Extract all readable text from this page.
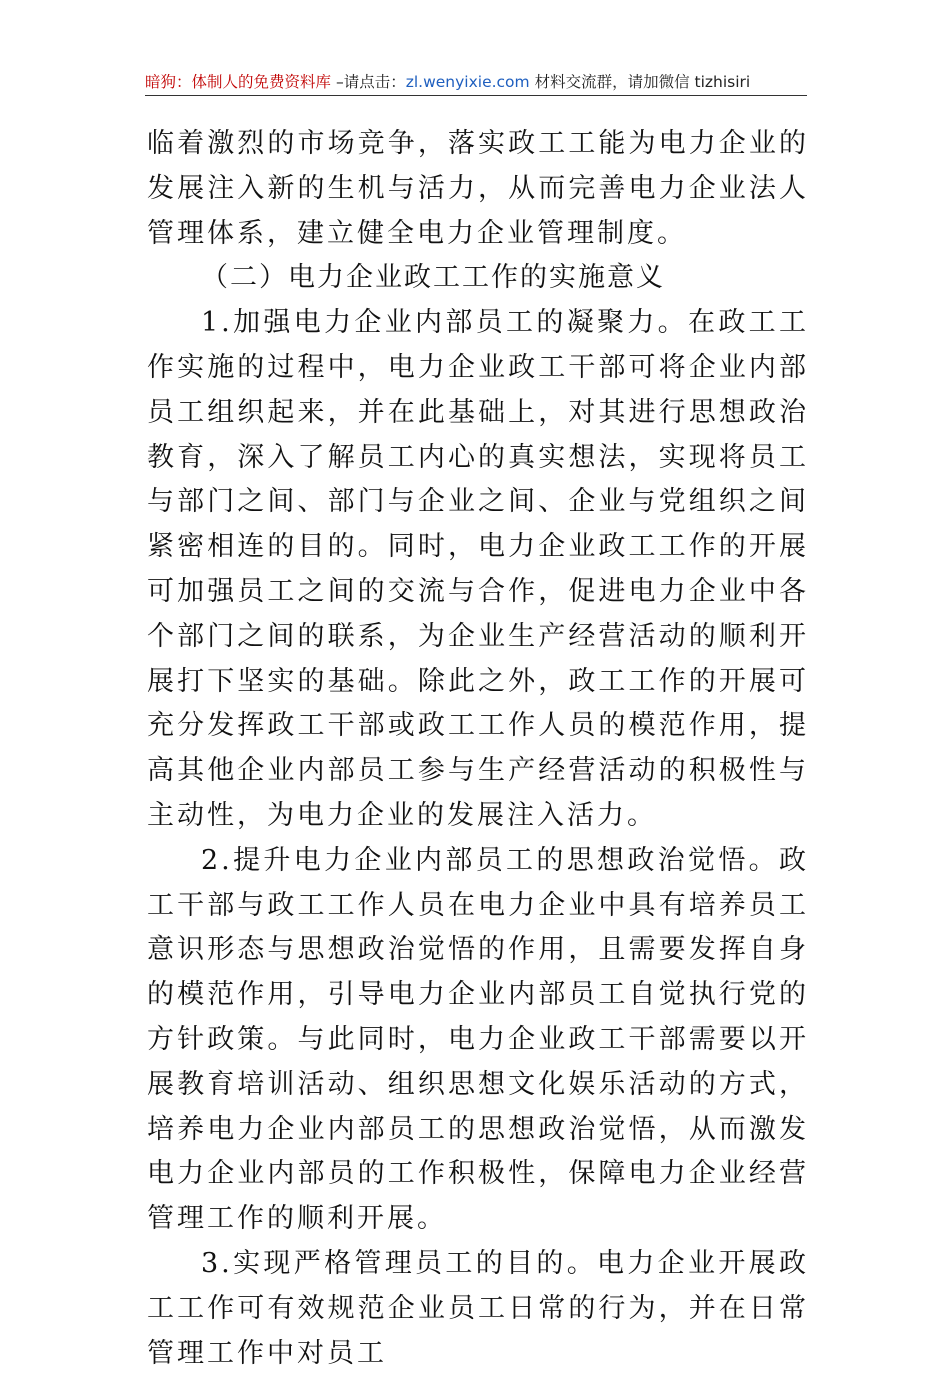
暗狗：体制人的免费资料库 –请点击：zl.wenyixie.com 材料交流群，请加微信 tizhisiri

临着激烈的市场竞争，落实政工工能为电力企业的发展注入新的生机与活力，从而完善电力企业法人管理体系，建立健全电力企业管理制度。

（二）电力企业政工工作的实施意义

1.加强电力企业内部员工的凝聚力。在政工工作实施的过程中，电力企业政工干部可将企业内部员工组织起来，并在此基础上，对其进行思想政治教育，深入了解员工内心的真实想法，实现将员工与部门之间、部门与企业之间、企业与党组织之间紧密相连的目的。同时，电力企业政工工作的开展可加强员工之间的交流与合作，促进电力企业中各个部门之间的联系，为企业生产经营活动的顺利开展打下坚实的基础。除此之外，政工工作的开展可充分发挥政工干部或政工工作人员的模范作用，提高其他企业内部员工参与生产经营活动的积极性与主动性，为电力企业的发展注入活力。

2.提升电力企业内部员工的思想政治觉悟。政工干部与政工工作人员在电力企业中具有培养员工意识形态与思想政治觉悟的作用，且需要发挥自身的模范作用，引导电力企业内部员工自觉执行党的方针政策。与此同时，电力企业政工干部需要以开展教育培训活动、组织思想文化娱乐活动的方式，培养电力企业内部员工的思想政治觉悟，从而激发电力企业内部员的工作积极性，保障电力企业经营管理工作的顺利开展。

3.实现严格管理员工的目的。电力企业开展政工工作可有效规范企业员工日常的行为，并在日常管理工作中对员工
